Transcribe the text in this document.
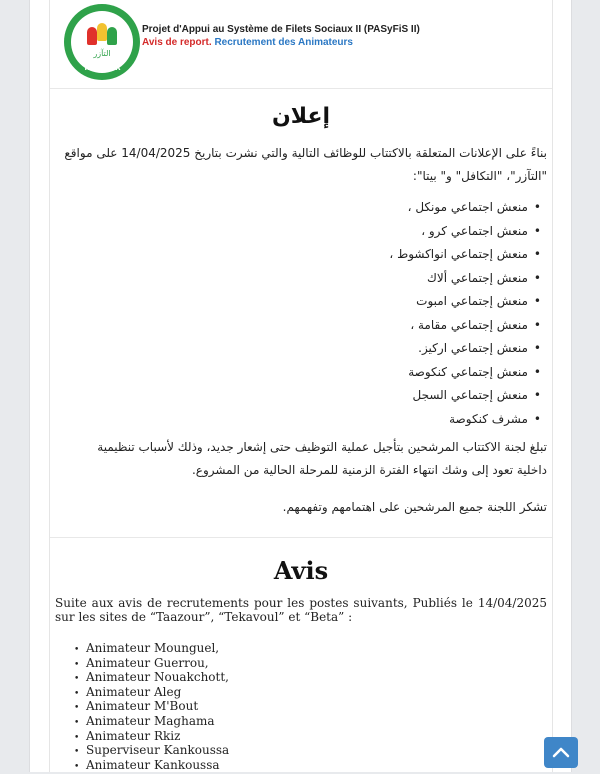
التآزر
TAAZOUR
Projet d'Appui au Système de Filets Sociaux II (PASyFiS II)
Avis de report. Recrutement des Animateurs
إعلان
بناءً على الإعلانات المتعلقة بالاكتتاب للوظائف التالية والتي نشرت بتاريخ 14/04/2025 على مواقع
"التآزر"، "التكافل" و" بيتا":
•منعش اجتماعي مونكل ،
•منعش اجتماعي كرو ،
•منعش إجتماعي انواكشوط ،
•منعش إجتماعي ألاك
•منعش إجتماعي امبوت
•منعش إجتماعي مقامة ،
•منعش إجتماعي اركيز.
•منعش إجتماعي كنكوصة
•منعش إجتماعي السجل
•مشرف كنكوصة
تبلغ لجنة الاكتتاب المرشحين بتأجيل عملية التوظيف حتى إشعار جديد، وذلك لأسباب تنظيمية
داخلية تعود إلى وشك انتهاء الفترة الزمنية للمرحلة الحالية من المشروع.
تشكر اللجنة جميع المرشحين على اهتمامهم وتفهمهم.
Avis
Suite aux avis de recrutements pour les postes suivants, Publiés le 14/04/2025 sur les sites de “Taazour”, “Tekavoul” et “Beta” :
• Animateur Mounguel,
• Animateur Guerrou,
• Animateur Nouakchott,
• Animateur Aleg
• Animateur M'Bout
• Animateur Maghama
• Animateur Rkiz
• Superviseur Kankoussa
• Animateur Kankoussa
